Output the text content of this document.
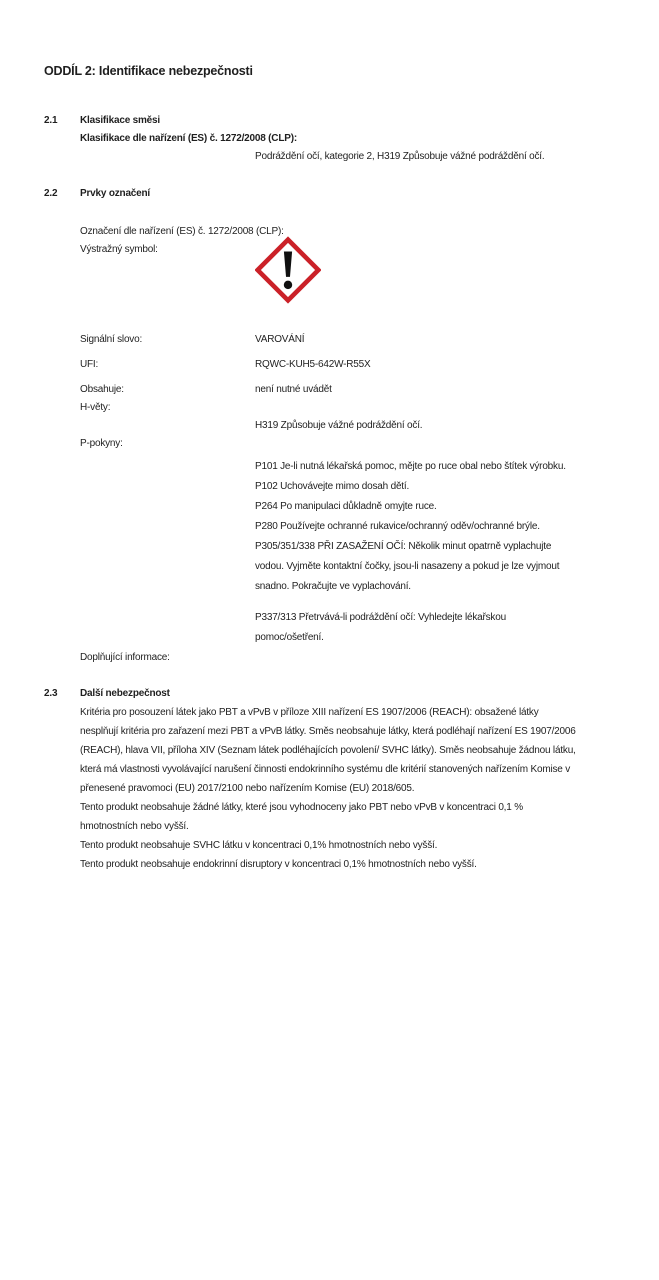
ODDÍL 2: Identifikace nebezpečnosti
2.1	Klasifikace směsi
Klasifikace dle nařízení (ES) č. 1272/2008 (CLP):
Podráždění očí, kategorie 2, H319 Způsobuje vážné podráždění očí.
2.2	Prvky označení
Označení dle nařízení (ES) č. 1272/2008 (CLP):
Výstražný symbol:
Signální slovo:	VAROVÁNÍ
UFI:	RQWC-KUH5-642W-R55X
Obsahuje:	není nutné uvádět
H-věty:
H319 Způsobuje vážné podráždění očí.
P-pokyny:
P101 Je-li nutná lékařská pomoc, mějte po ruce obal nebo štítek výrobku.
P102 Uchovávejte mimo dosah dětí.
P264 Po manipulaci důkladně omyjte ruce.
P280 Používejte ochranné rukavice/ochranný oděv/ochranné brýle.
P305/351/338 PŘI ZASAŽENÍ OČÍ: Několik minut opatrně vyplachujte vodou. Vyjměte kontaktní čočky, jsou-li nasazeny a pokud je lze vyjmout snadno. Pokračujte ve vyplachování.
P337/313 Přetrvává-li podráždění očí: Vyhledejte lékařskou pomoc/ošetření.
Doplňující informace:
2.3	Další nebezpečnost
Kritéria pro posouzení látek jako PBT a vPvB v příloze XIII nařízení ES 1907/2006 (REACH): obsažené látky nesplňují kritéria pro zařazení mezi PBT a vPvB látky. Směs neobsahuje látky, která podléhají nařízení ES 1907/2006 (REACH), hlava VII, příloha XIV (Seznam látek podléhajících povolení/ SVHC látky). Směs neobsahuje žádnou látku, která má vlastnosti vyvolávající narušení činnosti endokrinního systému dle kritérií stanovených nařízením Komise v přenesené pravomoci (EU) 2017/2100 nebo nařízením Komise (EU) 2018/605.
Tento produkt neobsahuje žádné látky, které jsou vyhodnoceny jako PBT nebo vPvB v koncentraci 0,1 % hmotnostních nebo vyšší.
Tento produkt neobsahuje SVHC látku v koncentraci 0,1% hmotnostních nebo vyšší.
Tento produkt neobsahuje endokrinní disruptory v koncentraci 0,1% hmotnostních nebo vyšší.
